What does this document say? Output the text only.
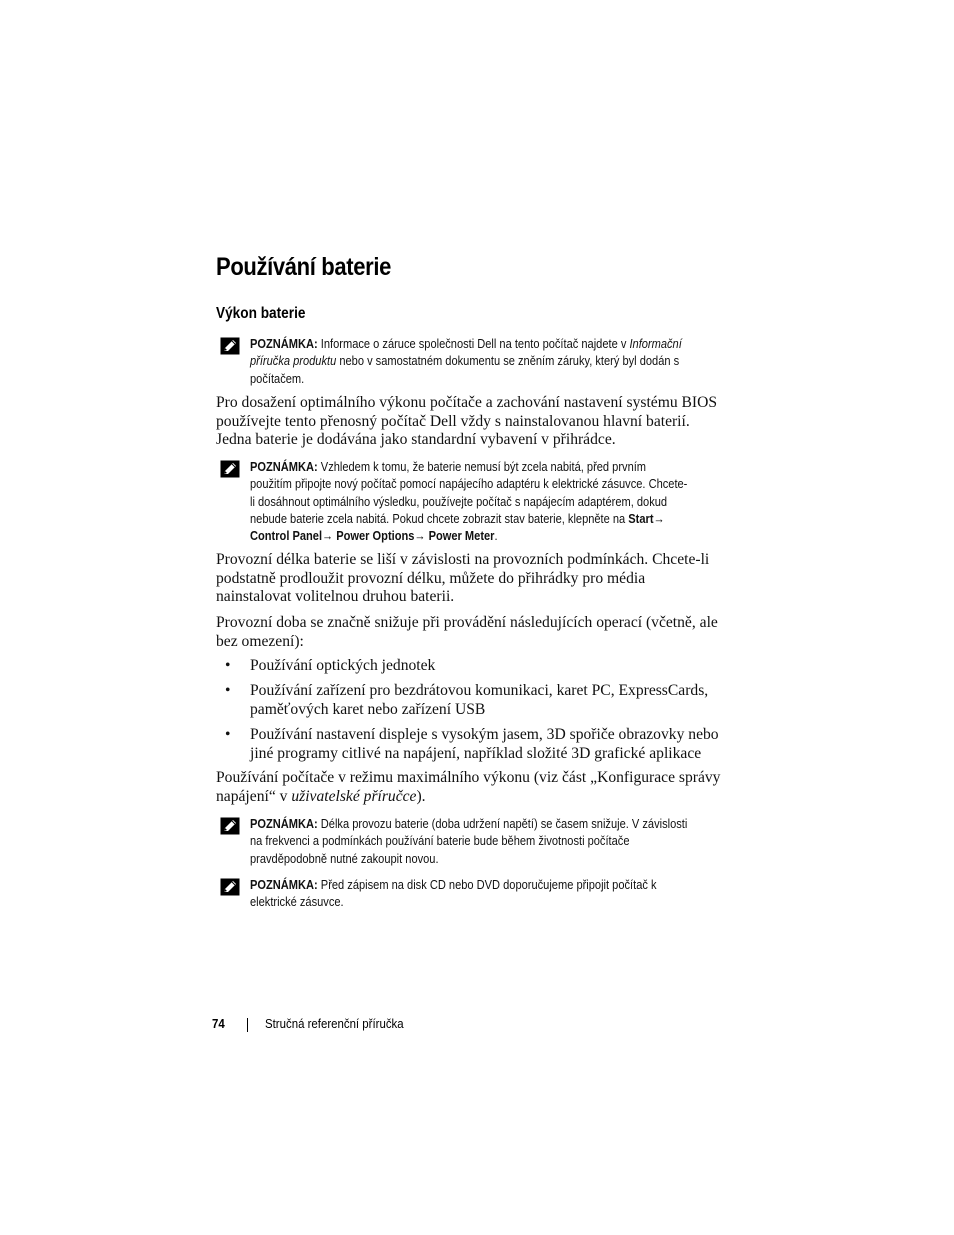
Používání baterie
Výkon baterie
POZNÁMKA: Informace o záruce společnosti Dell na tento počítač najdete v Informační
příručka produktu nebo v samostatném dokumentu se zněním záruky, který byl dodán s
počítačem.
Pro dosažení optimálního výkonu počítače a zachování nastavení systému BIOS
používejte tento přenosný počítač Dell vždy s nainstalovanou hlavní baterií.
Jedna baterie je dodávána jako standardní vybavení v přihrádce.
POZNÁMKA: Vzhledem k tomu, že baterie nemusí být zcela nabitá, před prvním
použitím připojte nový počítač pomocí napájecího adaptéru k elektrické zásuvce. Chcete-
li dosáhnout optimálního výsledku, používejte počítač s napájecím adaptérem, dokud
nebude baterie zcela nabitá. Pokud chcete zobrazit stav baterie, klepněte na Start→
Control Panel→ Power Options→ Power Meter.
Provozní délka baterie se liší v závislosti na provozních podmínkách. Chcete-li
podstatně prodloužit provozní délku, můžete do přihrádky pro média
nainstalovat volitelnou druhou baterii.
Provozní doba se značně snižuje při provádění následujících operací (včetně, ale
bez omezení):
• Používání optických jednotek
• Používání zařízení pro bezdrátovou komunikaci, karet PC, ExpressCards,
paměťových karet nebo zařízení USB
• Používání nastavení displeje s vysokým jasem, 3D spořiče obrazovky nebo
jiné programy citlivé na napájení, například složité 3D grafické aplikace
Používání počítače v režimu maximálního výkonu (viz část „Konfigurace správy
napájení“ v uživatelské příručce).
POZNÁMKA: Délka provozu baterie (doba udržení napětí) se časem snižuje. V závislosti
na frekvenci a podmínkách používání baterie bude během životnosti počítače
pravděpodobně nutné zakoupit novou.
POZNÁMKA: Před zápisem na disk CD nebo DVD doporučujeme připojit počítač k
elektrické zásuvce.
74	Stručná referenční příručka
